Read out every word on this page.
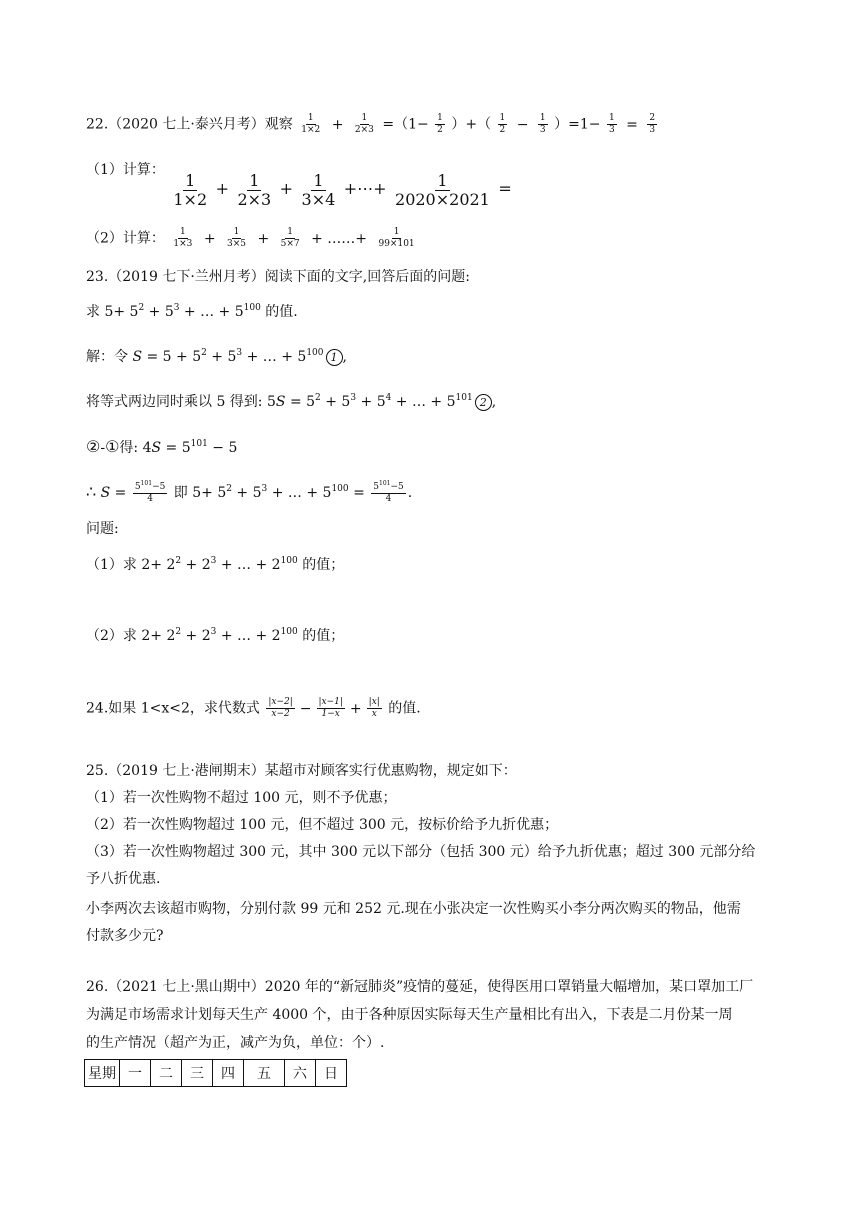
22.（2020 七上·泰兴月考）观察 $\frac{1}{1\times 2} + \frac{1}{2\times 3} =(1- \frac{1}{2}$ ）+（ $\frac{1}{2} - \frac{1}{3} )=1- \frac{1}{3} = \frac{2}{3}$
（1）计算：
$\frac{1}{1\times 2} + \frac{1}{2\times 3} + \frac{1}{3\times 4}$ +⋯+ $\frac{1}{2020\times 2021}$ =
（2）计算： $\frac{1}{1\times 3} + \frac{1}{3\times 5} + \frac{1}{5\times 7}$ + ……+ $\frac{1}{99\times 101}$
23.（2019 七下·兰州月考）阅读下面的文字,回答后面的问题:
求 $5+ 5^2 + 5^3$ + … + $5^{100}$ 的值.
解：令 $S = 5 + 5^2 + 5^3$ + … + $5^{100}$ 1 ,
将等式两边同时乘以 5 得到: $5S = 5^2 + 5^3 + 5^4$ + … + $5^{101}$ 2 ,
②-①得: $4S = 5^{101} - 5$
∴ $S = \frac{5^{101}-5}{4}$ 即 $5+ 5^2 + 5^3$ + … + $5^{100} = \frac{5^{101}-5}{4}$ .
问题:
（1）求 $2+ 2^2 + 2^3$ + … + $2^{100}$ 的值；
（2）求 $2+ 2^2 + 2^3$ + … + $2^{100}$ 的值；
24.如果 1<x<2，求代数式 $\frac{|x-2|}{x-2} - \frac{|x-1|}{1-x} + \frac{|x|}{x}$ 的值.
25.（2019 七上·港闸期末）某超市对顾客实行优惠购物，规定如下：
（1）若一次性购物不超过 100 元，则不予优惠；
（2）若一次性购物超过 100 元，但不超过 300 元，按标价给予九折优惠；
（3）若一次性购物超过 300 元，其中 300 元以下部分（包括 300 元）给予九折优惠；超过 300 元部分给
予八折优惠.
小李两次去该超市购物，分别付款 99 元和 252 元.现在小张决定一次性购买小李分两次购买的物品，他需
付款多少元?
26.（2021 七上·黑山期中）2020 年的“新冠肺炎”疫情的蔓延，使得医用口罩销量大幅增加，某口罩加工厂
为满足市场需求计划每天生产 4000 个，由于各种原因实际每天生产量相比有出入，下表是二月份某一周
的生产情况（超产为正，减产为负，单位：个）.
星期	一	二	三	四	五	六	日
